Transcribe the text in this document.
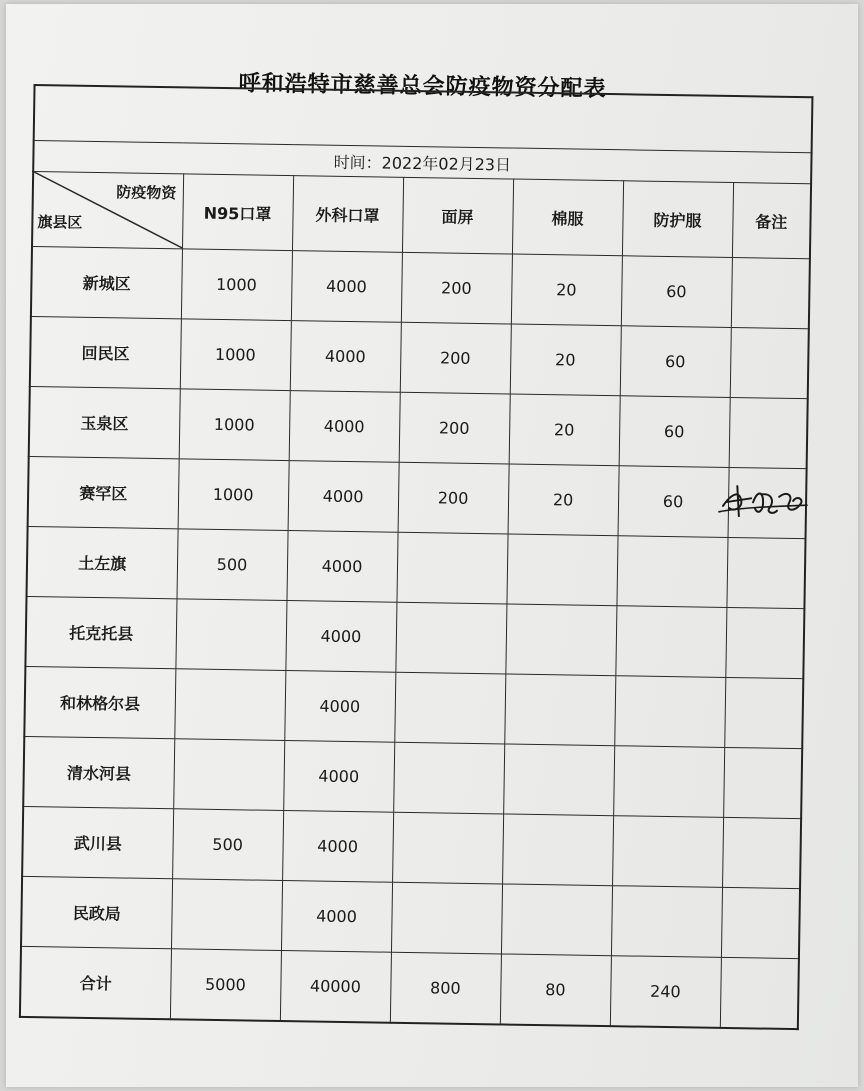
呼和浩特市慈善总会防疫物资分配表

时间：2022年02月23日						

防疫物资
旗县区	N95口罩	外科口罩	面屏	棉服	防护服	备注
新城区	1000	4000	200	20	60	
回民区	1000	4000	200	20	60	
玉泉区	1000	4000	200	20	60	
赛罕区	1000	4000	200	20	60	

土左旗	500	4000				
托克托县		4000				
和林格尔县		4000				
清水河县		4000				
武川县	500	4000				
民政局		4000				
合计	5000	40000	800	80	240	
